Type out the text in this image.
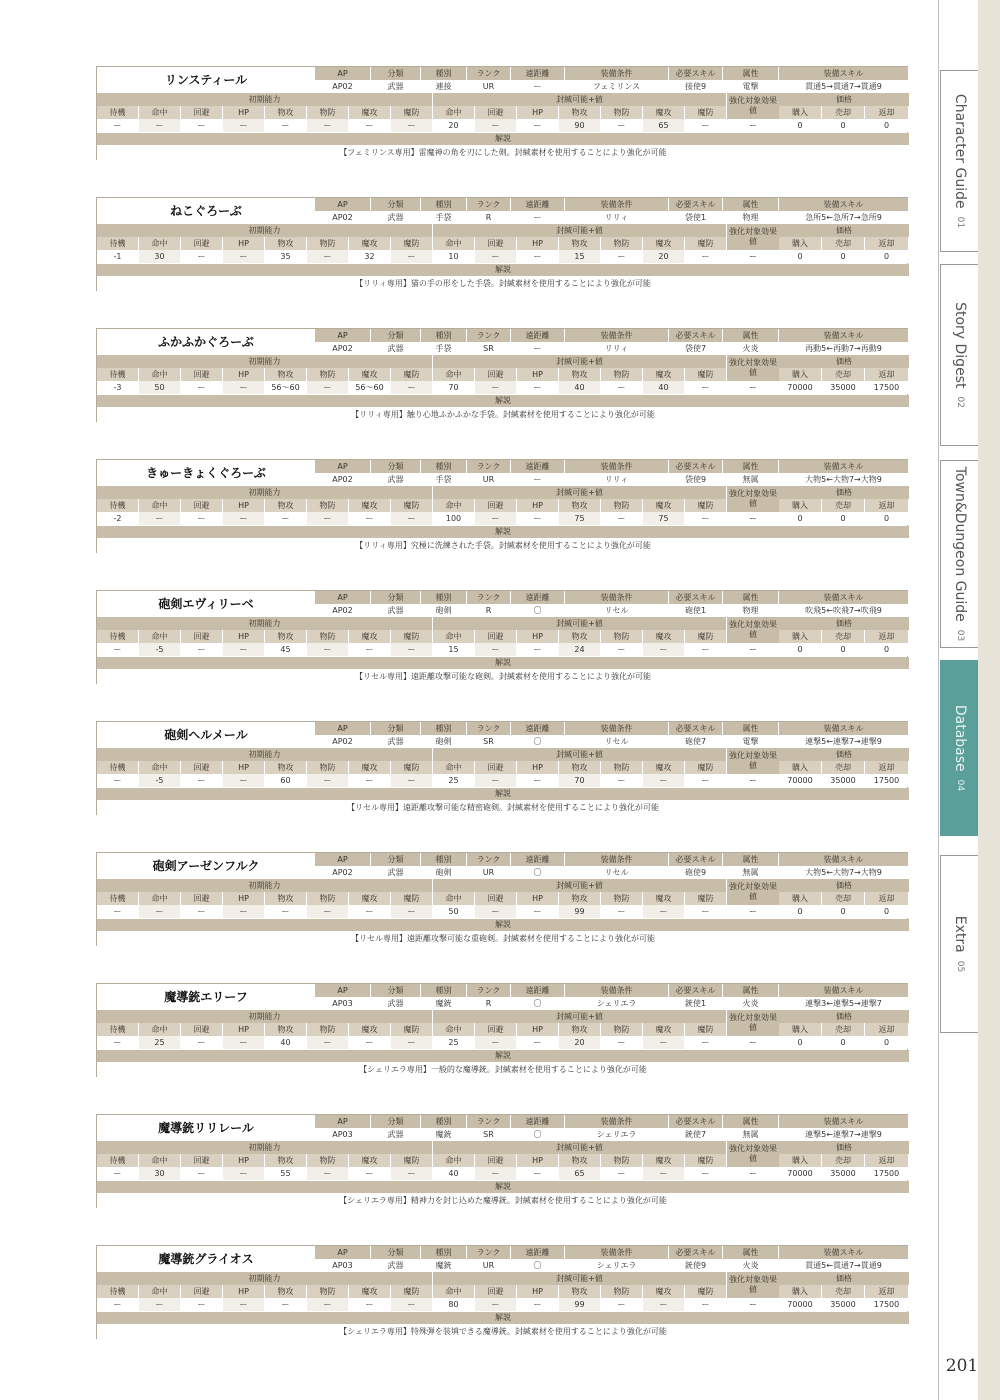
リンスティール	AP	分類	種別	ランク	遠距離	装備条件	必要スキル	属性	装備スキル
AP02	武器	連接	UR	ー	フェミリンス	接使9	電撃	貫通5→貫通7→貫通9
初期能力	封緘可能+値	価格
強化対象効果値
待機	命中	回避	HP	物攻	物防	魔攻	魔防	命中	回避	HP	物攻	物防	魔攻	魔防	購入	売却	返却
ー	ー	ー	ー	ー	ー	ー	ー	20	ー	ー	90	ー	65	ー	0	0	0
ー
解説
【フェミリンス専用】雷魔神の角を刃にした剣。封緘素材を使用することにより強化が可能
ねこぐろーぶ	AP	分類	種別	ランク	遠距離	装備条件	必要スキル	属性	装備スキル
AP02	武器	手袋	R	ー	リリィ	袋使1	物理	急所5←急所7→急所9
初期能力	封緘可能+値	価格
強化対象効果値
待機	命中	回避	HP	物攻	物防	魔攻	魔防	命中	回避	HP	物攻	物防	魔攻	魔防	購入	売却	返却
-1	30	ー	ー	35	ー	32	ー	10	ー	ー	15	ー	20	ー	0	0	0
ー
解説
【リリィ専用】猫の手の形をした手袋。封緘素材を使用することにより強化が可能
ふかふかぐろーぶ	AP	分類	種別	ランク	遠距離	装備条件	必要スキル	属性	装備スキル
AP02	武器	手袋	SR	ー	リリィ	袋使7	火炎	再動5←再動7→再動9
初期能力	封緘可能+値	価格
強化対象効果値
待機	命中	回避	HP	物攻	物防	魔攻	魔防	命中	回避	HP	物攻	物防	魔攻	魔防	購入	売却	返却
-3	50	ー	ー	56～60	ー	56～60	ー	70	ー	ー	40	ー	40	ー	70000	35000	17500
ー
解説
【リリィ専用】触り心地ふかふかな手袋。封緘素材を使用することにより強化が可能
きゅーきょくぐろーぶ	AP	分類	種別	ランク	遠距離	装備条件	必要スキル	属性	装備スキル
AP02	武器	手袋	UR	ー	リリィ	袋使9	無属	大物5←大物7→大物9
初期能力	封緘可能+値	価格
強化対象効果値
待機	命中	回避	HP	物攻	物防	魔攻	魔防	命中	回避	HP	物攻	物防	魔攻	魔防	購入	売却	返却
-2	ー	ー	ー	ー	ー	ー	ー	100	ー	ー	75	ー	75	ー	0	0	0
ー
解説
【リリィ専用】究極に洗練された手袋。封緘素材を使用することにより強化が可能
砲剣エヴィリーベ	AP	分類	種別	ランク	遠距離	装備条件	必要スキル	属性	装備スキル
AP02	武器	砲剣	R	〇	リセル	砲使1	物理	吹飛5←吹飛7→吹飛9
初期能力	封緘可能+値	価格
強化対象効果値
待機	命中	回避	HP	物攻	物防	魔攻	魔防	命中	回避	HP	物攻	物防	魔攻	魔防	購入	売却	返却
ー	-5	ー	ー	45	ー	ー	ー	15	ー	ー	24	ー	ー	ー	0	0	0
ー
解説
【リセル専用】遠距離攻撃可能な砲剣。封緘素材を使用することにより強化が可能
砲剣ヘルメール	AP	分類	種別	ランク	遠距離	装備条件	必要スキル	属性	装備スキル
AP02	武器	砲剣	SR	〇	リセル	砲使7	電撃	連撃5←連撃7→連撃9
初期能力	封緘可能+値	価格
強化対象効果値
待機	命中	回避	HP	物攻	物防	魔攻	魔防	命中	回避	HP	物攻	物防	魔攻	魔防	購入	売却	返却
ー	-5	ー	ー	60	ー	ー	ー	25	ー	ー	70	ー	ー	ー	70000	35000	17500
ー
解説
【リセル専用】遠距離攻撃可能な精密砲剣。封緘素材を使用することにより強化が可能
砲剣アーゼンフルク	AP	分類	種別	ランク	遠距離	装備条件	必要スキル	属性	装備スキル
AP02	武器	砲剣	UR	〇	リセル	砲使9	無属	大物5←大物7→大物9
初期能力	封緘可能+値	価格
強化対象効果値
待機	命中	回避	HP	物攻	物防	魔攻	魔防	命中	回避	HP	物攻	物防	魔攻	魔防	購入	売却	返却
ー	ー	ー	ー	ー	ー	ー	ー	50	ー	ー	99	ー	ー	ー	0	0	0
ー
解説
【リセル専用】遠距離攻撃可能な重砲剣。封緘素材を使用することにより強化が可能
魔導銃エリーフ	AP	分類	種別	ランク	遠距離	装備条件	必要スキル	属性	装備スキル
AP03	武器	魔銃	R	〇	シェリエラ	銃使1	火炎	連撃3←連撃5→連撃7
初期能力	封緘可能+値	価格
強化対象効果値
待機	命中	回避	HP	物攻	物防	魔攻	魔防	命中	回避	HP	物攻	物防	魔攻	魔防	購入	売却	返却
ー	25	ー	ー	40	ー	ー	ー	25	ー	ー	20	ー	ー	ー	0	0	0
ー
解説
【シェリエラ専用】一般的な魔導銃。封緘素材を使用することにより強化が可能
魔導銃リリレール	AP	分類	種別	ランク	遠距離	装備条件	必要スキル	属性	装備スキル
AP03	武器	魔銃	SR	〇	シェリエラ	銃使7	無属	連撃5←連撃7→連撃9
初期能力	封緘可能+値	価格
強化対象効果値
待機	命中	回避	HP	物攻	物防	魔攻	魔防	命中	回避	HP	物攻	物防	魔攻	魔防	購入	売却	返却
ー	30	ー	ー	55	ー	ー	ー	40	ー	ー	65	ー	ー	ー	70000	35000	17500
ー
解説
【シェリエラ専用】精神力を封じ込めた魔導銃。封緘素材を使用することにより強化が可能
魔導銃グライオス	AP	分類	種別	ランク	遠距離	装備条件	必要スキル	属性	装備スキル
AP03	武器	魔銃	UR	〇	シェリエラ	銃使9	火炎	貫通5←貫通7→貫通9
初期能力	封緘可能+値	価格
強化対象効果値
待機	命中	回避	HP	物攻	物防	魔攻	魔防	命中	回避	HP	物攻	物防	魔攻	魔防	購入	売却	返却
ー	ー	ー	ー	ー	ー	ー	ー	80	ー	ー	99	ー	ー	ー	70000	35000	17500
ー
解説
【シェリエラ専用】特殊弾を装填できる魔導銃。封緘素材を使用することにより強化が可能
Character Guide
01
Story Digest
02
Town&Dungeon Guide
03
Database
04
Extra
05
201
